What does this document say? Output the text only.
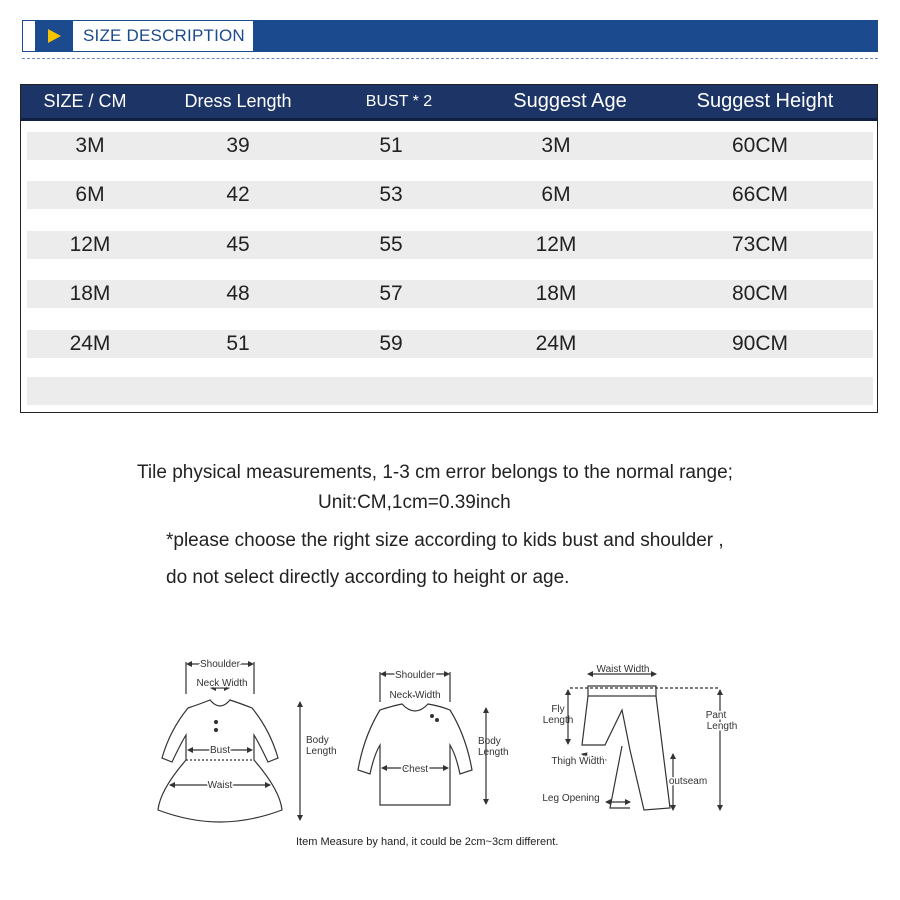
SIZE DESCRIPTION
SIZE / CM	Dress Length	BUST * 2	Suggest Age	Suggest Height
3M	39	51	3M	60CM
6M	42	53	6M	66CM
12M	45	55	12M	73CM
18M	48	57	18M	80CM
24M	51	59	24M	90CM
Tile physical measurements, 1-3 cm error belongs to the normal range;
Unit:CM,1cm=0.39inch
*please choose the right size according to kids bust and shoulder ,
do not select directly according to height or age.
Shoulder
Neck Width
Bust
Waist
Body
Length
Shoulder
Neck Width
Chest
Body
Length
Waist Width
Fly
Length
Thigh Width
Leg Opening
Pant
Length
outseam
Item Measure by hand, it could be 2cm~3cm different.
